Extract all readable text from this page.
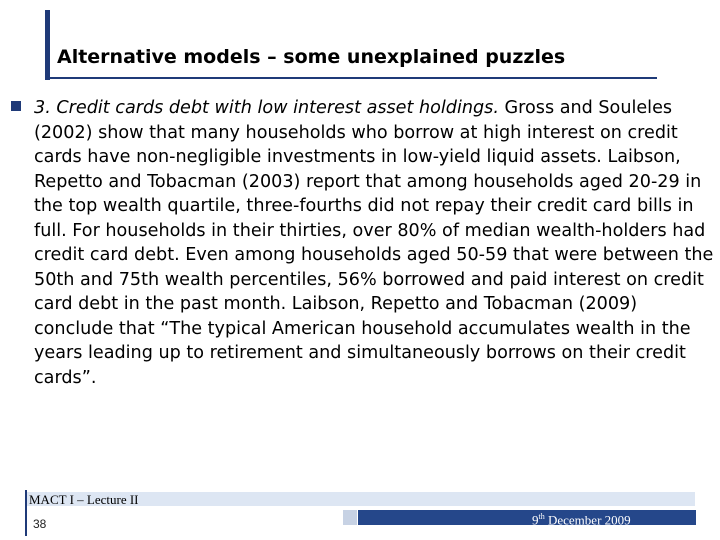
Alternative models – some unexplained puzzles
3. Credit cards debt with low interest asset holdings. Gross and Souleles (2002) show that many households who borrow at high interest on credit cards have non-negligible investments in low-yield liquid assets. Laibson, Repetto and Tobacman (2003) report that among households aged 20-29 in the top wealth quartile, three-fourths did not repay their credit card bills in full. For households in their thirties, over 80% of median wealth-holders had credit card debt. Even among households aged 50-59 that were between the 50th and 75th wealth percentiles, 56% borrowed and paid interest on credit card debt in the past month. Laibson, Repetto and Tobacman (2009) conclude that “The typical American household accumulates wealth in the years leading up to retirement and simultaneously borrows on their credit cards”.
MACT I – Lecture II
38	9th December 2009
